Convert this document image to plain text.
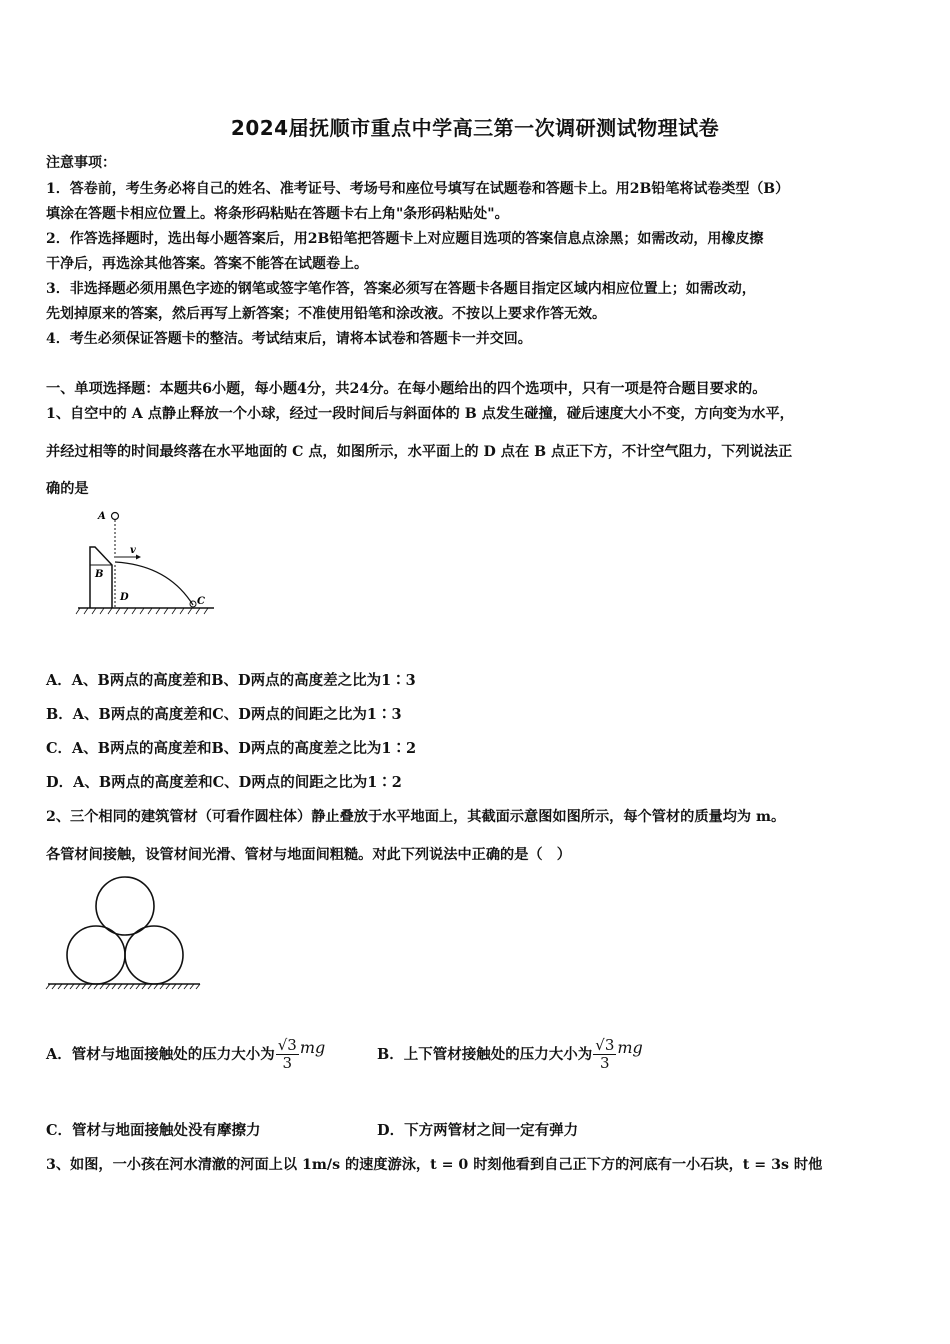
2024届抚顺市重点中学高三第一次调研测试物理试卷
注意事项：
1．答卷前，考生务必将自己的姓名、准考证号、考场号和座位号填写在试题卷和答题卡上。用2B铅笔将试卷类型（B）
填涂在答题卡相应位置上。将条形码粘贴在答题卡右上角"条形码粘贴处"。
2．作答选择题时，选出每小题答案后，用2B铅笔把答题卡上对应题目选项的答案信息点涂黑；如需改动，用橡皮擦
干净后，再选涂其他答案。答案不能答在试题卷上。
3．非选择题必须用黑色字迹的钢笔或签字笔作答，答案必须写在答题卡各题目指定区域内相应位置上；如需改动，
先划掉原来的答案，然后再写上新答案；不准使用铅笔和涂改液。不按以上要求作答无效。
4．考生必须保证答题卡的整洁。考试结束后，请将本试卷和答题卡一并交回。
一、单项选择题：本题共6小题，每小题4分，共24分。在每小题给出的四个选项中，只有一项是符合题目要求的。
1、自空中的 A 点静止释放一个小球，经过一段时间后与斜面体的 B 点发生碰撞，碰后速度大小不变，方向变为水平，
并经过相等的时间最终落在水平地面的 C 点，如图所示，水平面上的 D 点在 B 点正下方，不计空气阻力，下列说法正
确的是
A
B
D	C
v
A．A、B两点的高度差和B、D两点的高度差之比为1∶3
B．A、B两点的高度差和C、D两点的间距之比为1∶3
C．A、B两点的高度差和B、D两点的高度差之比为1∶2
D．A、B两点的高度差和C、D两点的间距之比为1∶2
2、三个相同的建筑管材（可看作圆柱体）静止叠放于水平地面上，其截面示意图如图所示，每个管材的质量均为 m。
各管材间接触，设管材间光滑、管材与地面间粗糙。对此下列说法中正确的是（　）
A．管材与地面接触处的压力大小为 $\frac{√3}{3}$ mg	B．上下管材接触处的压力大小为 $\frac{√3}{3}$ mg
C．管材与地面接触处没有摩擦力	D．下方两管材之间一定有弹力
3、如图，一小孩在河水清澈的河面上以 1m/s 的速度游泳，t = 0 时刻他看到自己正下方的河底有一小石块，t = 3s 时他
